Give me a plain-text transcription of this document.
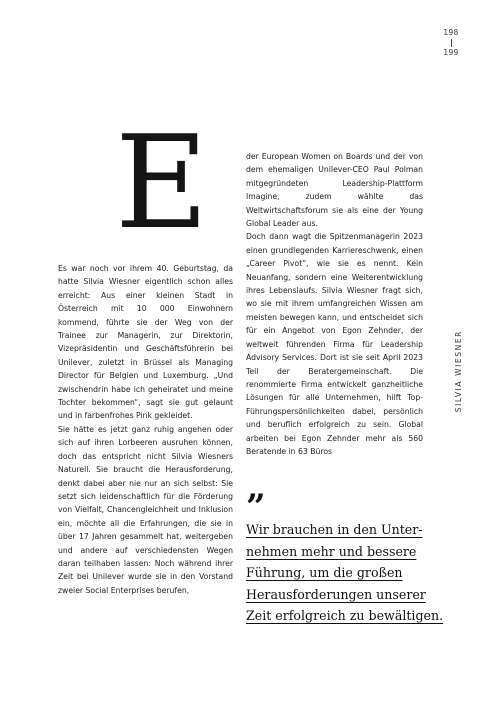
198
199
SILVIA WIESNER
E

Es war noch vor ihrem 40. Geburtstag, da hatte Silvia Wiesner eigentlich schon alles erreicht: Aus einer kleinen Stadt in Österreich mit 10 000 Einwohnern kommend, führte sie der Weg von der Trainee zur Managerin, zur Direktorin, Vizepräsidentin und Geschäftsführerin bei Unilever, zuletzt in Brüssel als Managing Director für Belgien und Luxemburg. „Und zwischendrin habe ich geheiratet und meine Tochter bekommen“, sagt sie gut gelaunt und in farbenfrohes Pink gekleidet.

Sie hätte es jetzt ganz ruhig angehen oder sich auf ihren Lorbeeren ausruhen können, doch das entspricht nicht Silvia Wiesners Naturell. Sie braucht die Herausforderung, denkt dabei aber nie nur an sich selbst: Sie setzt sich leidenschaftlich für die Förderung von Vielfalt, Chancengleichheit und Inklusion ein, möchte all die Erfahrungen, die sie in über 17 Jahren gesammelt hat, weitergeben und andere auf verschiedensten Wegen daran teilhaben lassen: Noch während ihrer Zeit bei Unilever wurde sie in den Vorstand zweier Social Enterprises berufen,

der European Women on Boards und der von dem ehemaligen Unilever-CEO Paul Polman mitgegründeten Leadership-Plattform Imagine, zudem wählte das Weltwirtschaftsforum sie als eine der Young Global Leader aus.

Doch dann wagt die Spitzenmanagerin 2023 einen grundlegenden Karriereschwenk, einen „Career Pivot“, wie sie es nennt. Kein Neuanfang, sondern eine Weiterentwicklung ihres Lebenslaufs. Silvia Wiesner fragt sich, wo sie mit ihrem umfangreichen Wissen am meisten bewegen kann, und entscheidet sich für ein Angebot von Egon Zehnder, der weltweit führenden Firma für Leadership Advisory Services. Dort ist sie seit April 2023 Teil der Beratergemeinschaft. Die renommierte Firma entwickelt ganzheitliche Lösungen für alle Unternehmen, hilft Top-Führungspersönlichkeiten dabei, persönlich und beruflich erfolgreich zu sein. Global arbeiten bei Egon Zehnder mehr als 560 Beratende in 63 Büros

”
Wir brauchen in den Unter-
nehmen mehr und bessere
Führung, um die großen
Herausforderungen unserer
Zeit erfolgreich zu bewältigen.
